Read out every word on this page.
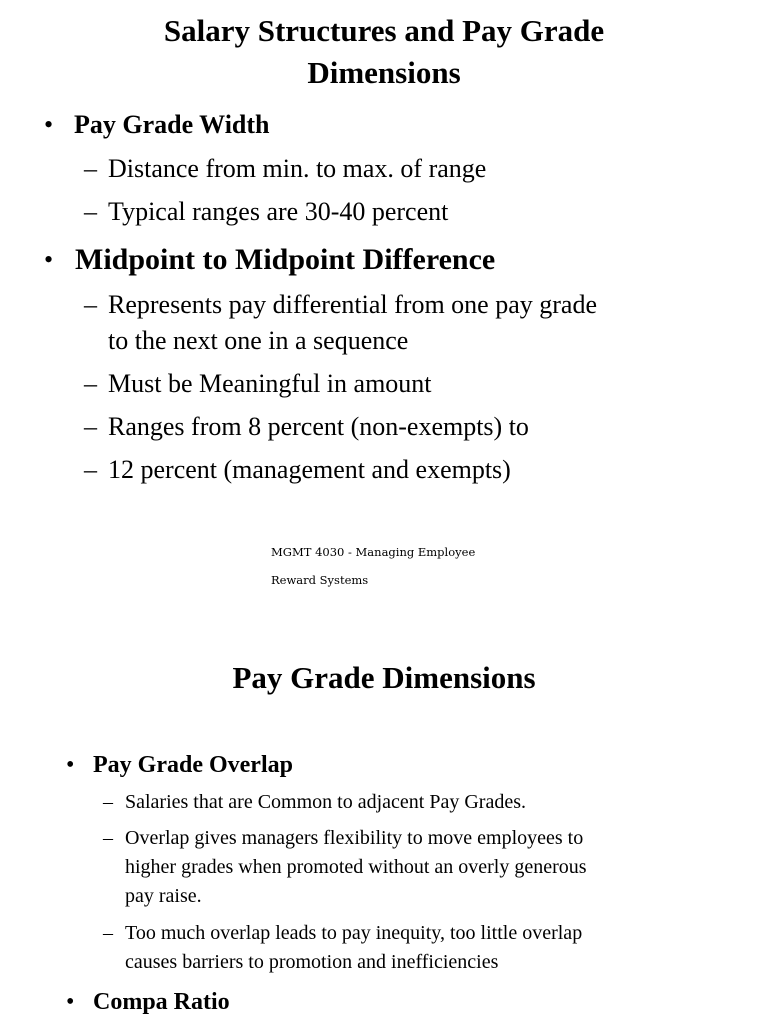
Salary Structures and Pay Grade
Dimensions
• Pay Grade Width
– Distance from min. to max. of range
– Typical ranges are 30-40 percent
• Midpoint to Midpoint Difference
– Represents pay differential from one pay grade
to the next one in a sequence
– Must be Meaningful in amount
– Ranges from 8 percent (non-exempts) to
– 12 percent (management and exempts)

MGMT 4030 - Managing Employee

Reward Systems

Pay Grade Dimensions
• Pay Grade Overlap
– Salaries that are Common to adjacent Pay Grades.
– Overlap gives managers flexibility to move employees to
higher grades when promoted without an overly generous
pay raise.
– Too much overlap leads to pay inequity, too little overlap
causes barriers to promotion and inefficiencies
• Compa Ratio
